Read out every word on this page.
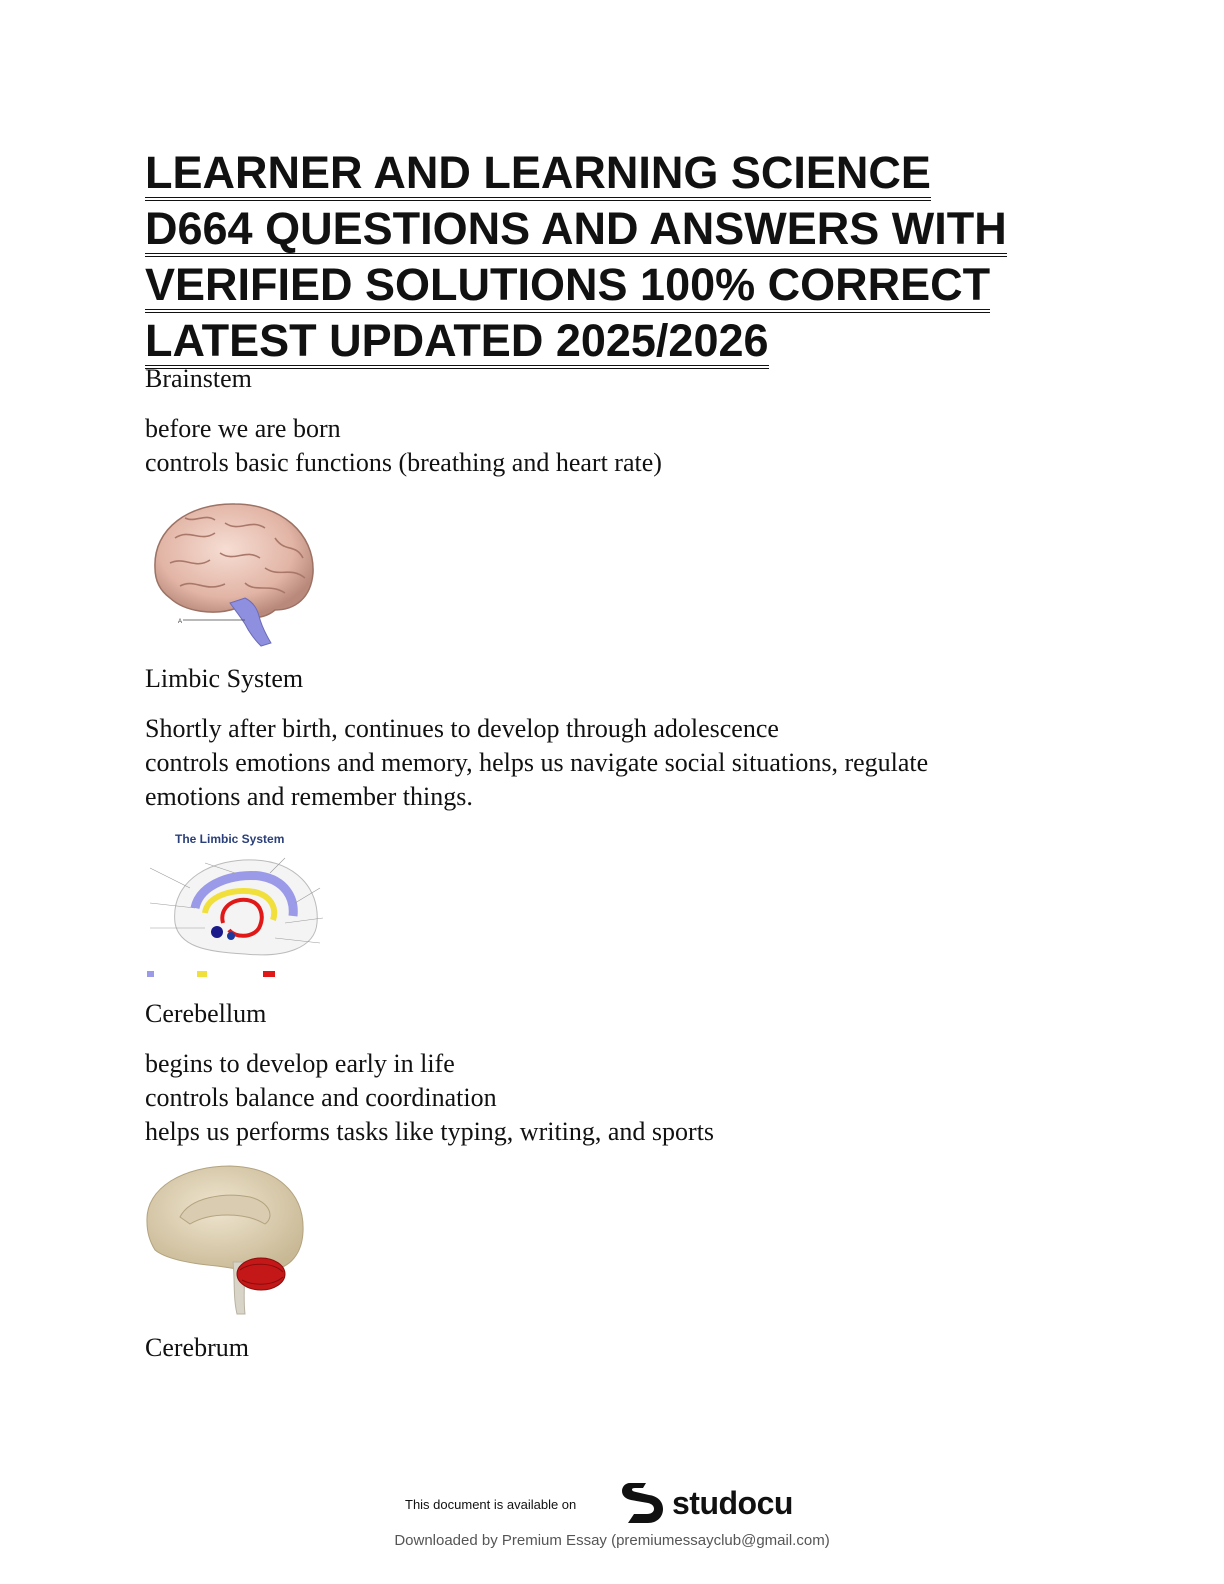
LEARNER AND LEARNING SCIENCE
D664 QUESTIONS AND ANSWERS WITH
VERIFIED SOLUTIONS 100% CORRECT
LATEST UPDATED 2025/2026

Brainstem

before we are born

controls basic functions (breathing and heart rate)

A

Limbic System

Shortly after birth, continues to develop through adolescence

controls emotions and memory, helps us navigate social situations, regulate

emotions and remember things.

The Limbic System

Cerebellum

begins to develop early in life

controls balance and coordination

helps us performs tasks like typing, writing, and sports

Cerebrum

This document is available on	studocu
Downloaded by Premium Essay (premiumessayclub@gmail.com)
